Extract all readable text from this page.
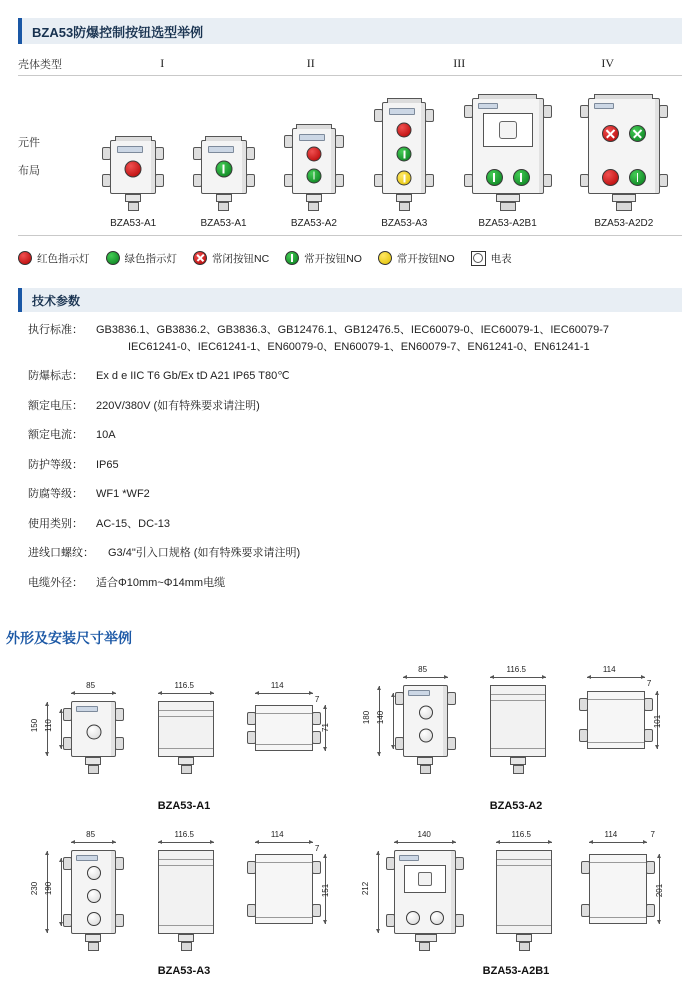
BZA53防爆控制按钮选型举例
壳体类型	I	II	III	IV
元件
布局
BZA53-A1	BZA53-A1	BZA53-A2	BZA53-A3	BZA53-A2B1	BZA53-A2D2
红色指示灯	绿色指示灯	常闭按钮NC	常开按钮NO	常开按钮NO	电表
技术参数
执行标准：	GB3836.1、GB3836.2、GB3836.3、GB12476.1、GB12476.5、IEC60079-0、IEC60079-1、IEC60079-7
IEC61241-0、IEC61241-1、EN60079-0、EN60079-1、EN60079-7、EN61241-0、EN61241-1
防爆标志：	Ex d e IIC T6 Gb/Ex tD A21 IP65 T80℃
额定电压：	220V/380V (如有特殊要求请注明)
额定电流：	10A
防护等级：	IP65
防腐等级：	WF1 *WF2
使用类别：	AC-15、DC-13
进线口螺纹：	G3/4"引入口规格 (如有特殊要求请注明)
电缆外径：	适合Φ10mm~Φ14mm电缆
外形及安装尺寸举例
85
150 110
116.5	114
7
71
BZA53-A1
85
180 140
116.5	114
7
101
BZA53-A2
85
230 190
116.5	114
7
151
BZA53-A3
140
212
116.5	114	7
201
BZA53-A2B1
